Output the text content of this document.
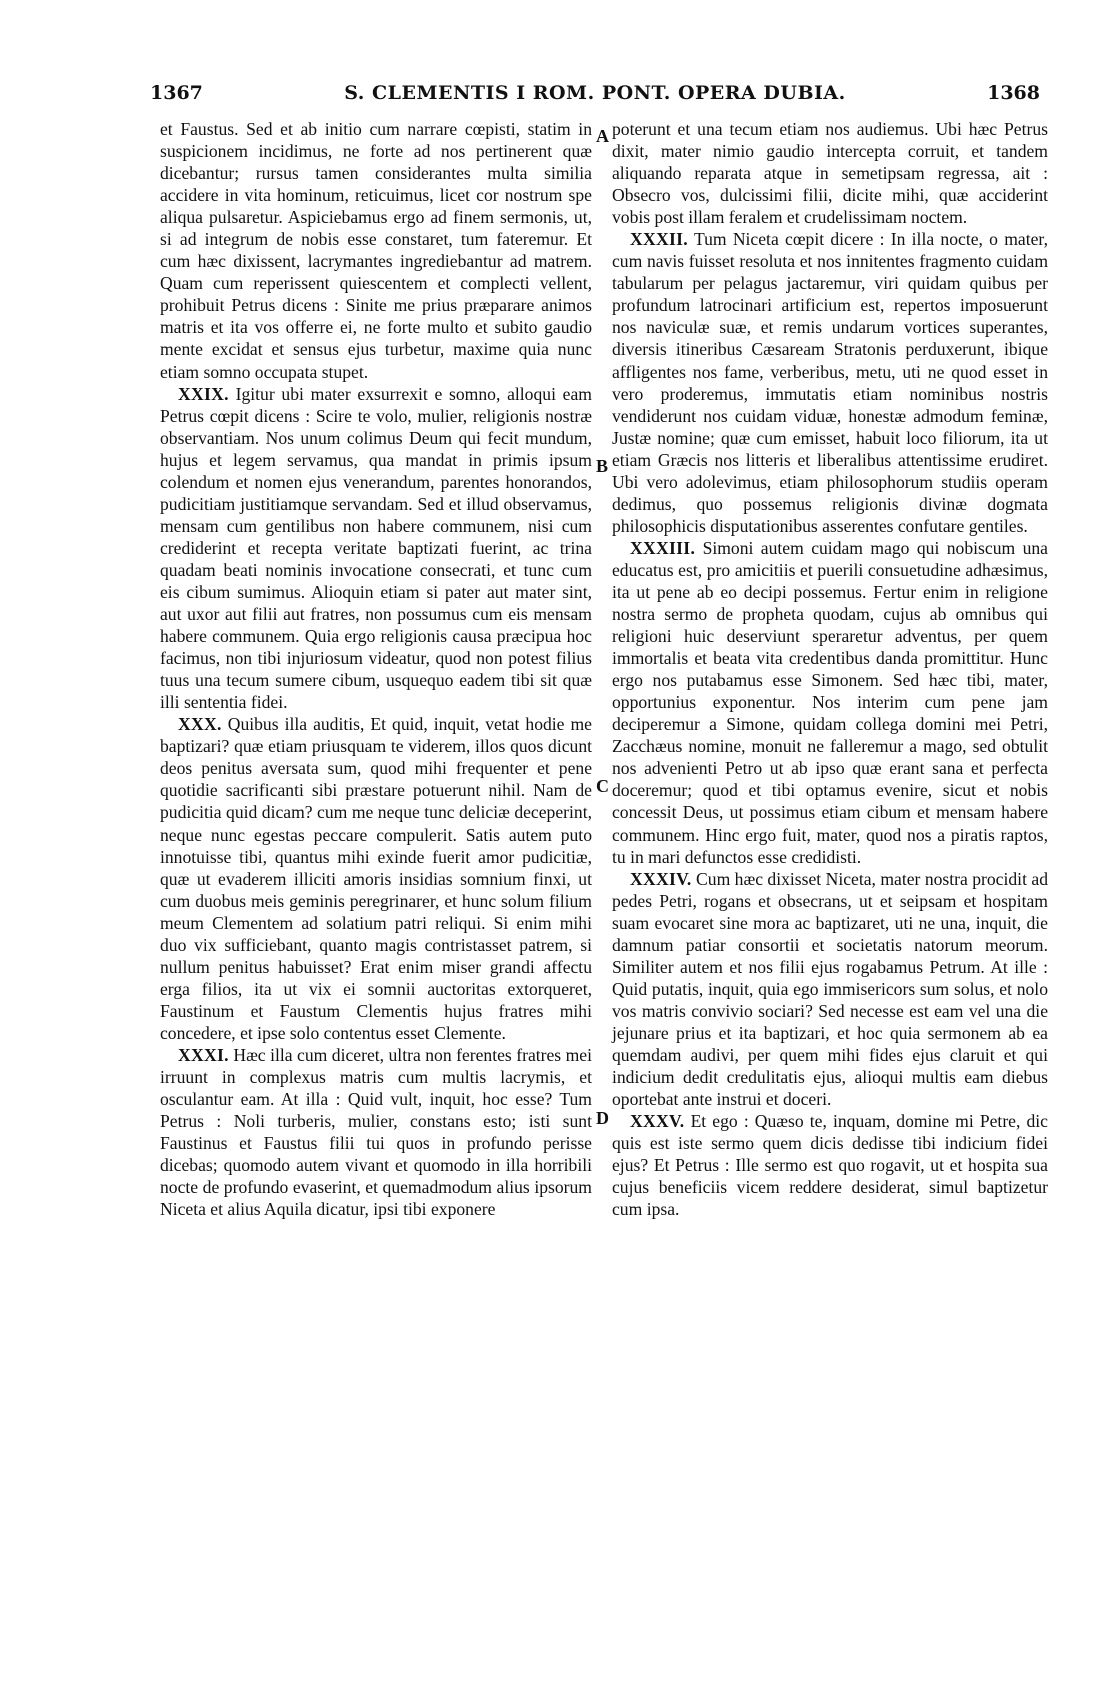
1367	S. CLEMENTIS I ROM. PONT. OPERA DUBIA.	1368

et Faustus. Sed et ab initio cum narrare cœpisti, statim in suspicionem incidimus, ne forte ad nos pertinerent quæ dicebantur; rursus tamen considerantes multa similia accidere in vita hominum, reticuimus, licet cor nostrum spe aliqua pulsaretur. Aspiciebamus ergo ad finem sermonis, ut, si ad integrum de nobis esse constaret, tum fateremur. Et cum hæc dixissent, lacrymantes ingrediebantur ad matrem. Quam cum reperissent quiescentem et complecti vellent, prohibuit Petrus dicens : Sinite me prius præparare animos matris et ita vos offerre ei, ne forte multo et subito gaudio mente excidat et sensus ejus turbetur, maxime quia nunc etiam somno occupata stupet.

XXIX. Igitur ubi mater exsurrexit e somno, alloqui eam Petrus cœpit dicens : Scire te volo, mulier, religionis nostræ observantiam. Nos unum colimus Deum qui fecit mundum, hujus et legem servamus, qua mandat in primis ipsum colendum et nomen ejus venerandum, parentes honorandos, pudicitiam justitiamque servandam. Sed et illud observamus, mensam cum gentilibus non habere communem, nisi cum crediderint et recepta veritate baptizati fuerint, ac trina quadam beati nominis invocatione consecrati, et tunc cum eis cibum sumimus. Alioquin etiam si pater aut mater sint, aut uxor aut filii aut fratres, non possumus cum eis mensam habere communem. Quia ergo religionis causa præcipua hoc facimus, non tibi injuriosum videatur, quod non potest filius tuus una tecum sumere cibum, usquequo eadem tibi sit quæ illi sententia fidei.

XXX. Quibus illa auditis, Et quid, inquit, vetat hodie me baptizari? quæ etiam priusquam te viderem, illos quos dicunt deos penitus aversata sum, quod mihi frequenter et pene quotidie sacrificanti sibi præstare potuerunt nihil. Nam de pudicitia quid dicam? cum me neque tunc deliciæ deceperint, neque nunc egestas peccare compulerit. Satis autem puto innotuisse tibi, quantus mihi exinde fuerit amor pudicitiæ, quæ ut evaderem illiciti amoris insidias somnium finxi, ut cum duobus meis geminis peregrinarer, et hunc solum filium meum Clementem ad solatium patri reliqui. Si enim mihi duo vix sufficiebant, quanto magis contristasset patrem, si nullum penitus habuisset? Erat enim miser grandi affectu erga filios, ita ut vix ei somnii auctoritas extorqueret, Faustinum et Faustum Clementis hujus fratres mihi concedere, et ipse solo contentus esset Clemente.

XXXI. Hæc illa cum diceret, ultra non ferentes fratres mei irruunt in complexus matris cum multis lacrymis, et osculantur eam. At illa : Quid vult, inquit, hoc esse? Tum Petrus : Noli turberis, mulier, constans esto; isti sunt Faustinus et Faustus filii tui quos in profundo perisse dicebas; quomodo autem vivant et quomodo in illa horribili nocte de profundo evaserint, et quemadmodum alius ipsorum Niceta et alius Aquila dicatur, ipsi tibi exponere

A
B
C
D

poterunt et una tecum etiam nos audiemus. Ubi hæc Petrus dixit, mater nimio gaudio intercepta corruit, et tandem aliquando reparata atque in semetipsam regressa, ait : Obsecro vos, dulcissimi filii, dicite mihi, quæ acciderint vobis post illam feralem et crudelissimam noctem.

XXXII. Tum Niceta cœpit dicere : In illa nocte, o mater, cum navis fuisset resoluta et nos innitentes fragmento cuidam tabularum per pelagus jactaremur, viri quidam quibus per profundum latrocinari artificium est, repertos imposuerunt nos naviculæ suæ, et remis undarum vortices superantes, diversis itineribus Cæsaream Stratonis perduxerunt, ibique affligentes nos fame, verberibus, metu, uti ne quod esset in vero proderemus, immutatis etiam nominibus nostris vendiderunt nos cuidam viduæ, honestæ admodum feminæ, Justæ nomine; quæ cum emisset, habuit loco filiorum, ita ut etiam Græcis nos litteris et liberalibus attentissime erudiret. Ubi vero adolevimus, etiam philosophorum studiis operam dedimus, quo possemus religionis divinæ dogmata philosophicis disputationibus asserentes confutare gentiles.

XXXIII. Simoni autem cuidam mago qui nobiscum una educatus est, pro amicitiis et puerili consuetudine adhæsimus, ita ut pene ab eo decipi possemus. Fertur enim in religione nostra sermo de propheta quodam, cujus ab omnibus qui religioni huic deserviunt speraretur adventus, per quem immortalis et beata vita credentibus danda promittitur. Hunc ergo nos putabamus esse Simonem. Sed hæc tibi, mater, opportunius exponentur. Nos interim cum pene jam deciperemur a Simone, quidam collega domini mei Petri, Zacchæus nomine, monuit ne falleremur a mago, sed obtulit nos advenienti Petro ut ab ipso quæ erant sana et perfecta doceremur; quod et tibi optamus evenire, sicut et nobis concessit Deus, ut possimus etiam cibum et mensam habere communem. Hinc ergo fuit, mater, quod nos a piratis raptos, tu in mari defunctos esse credidisti.

XXXIV. Cum hæc dixisset Niceta, mater nostra procidit ad pedes Petri, rogans et obsecrans, ut et seipsam et hospitam suam evocaret sine mora ac baptizaret, uti ne una, inquit, die damnum patiar consortii et societatis natorum meorum. Similiter autem et nos filii ejus rogabamus Petrum. At ille : Quid putatis, inquit, quia ego immisericors sum solus, et nolo vos matris convivio sociari? Sed necesse est eam vel una die jejunare prius et ita baptizari, et hoc quia sermonem ab ea quemdam audivi, per quem mihi fides ejus claruit et qui indicium dedit credulitatis ejus, alioqui multis eam diebus oportebat ante instrui et doceri.

XXXV. Et ego : Quæso te, inquam, domine mi Petre, dic quis est iste sermo quem dicis dedisse tibi indicium fidei ejus? Et Petrus : Ille sermo est quo rogavit, ut et hospita sua cujus beneficiis vicem reddere desiderat, simul baptizetur cum ipsa.
